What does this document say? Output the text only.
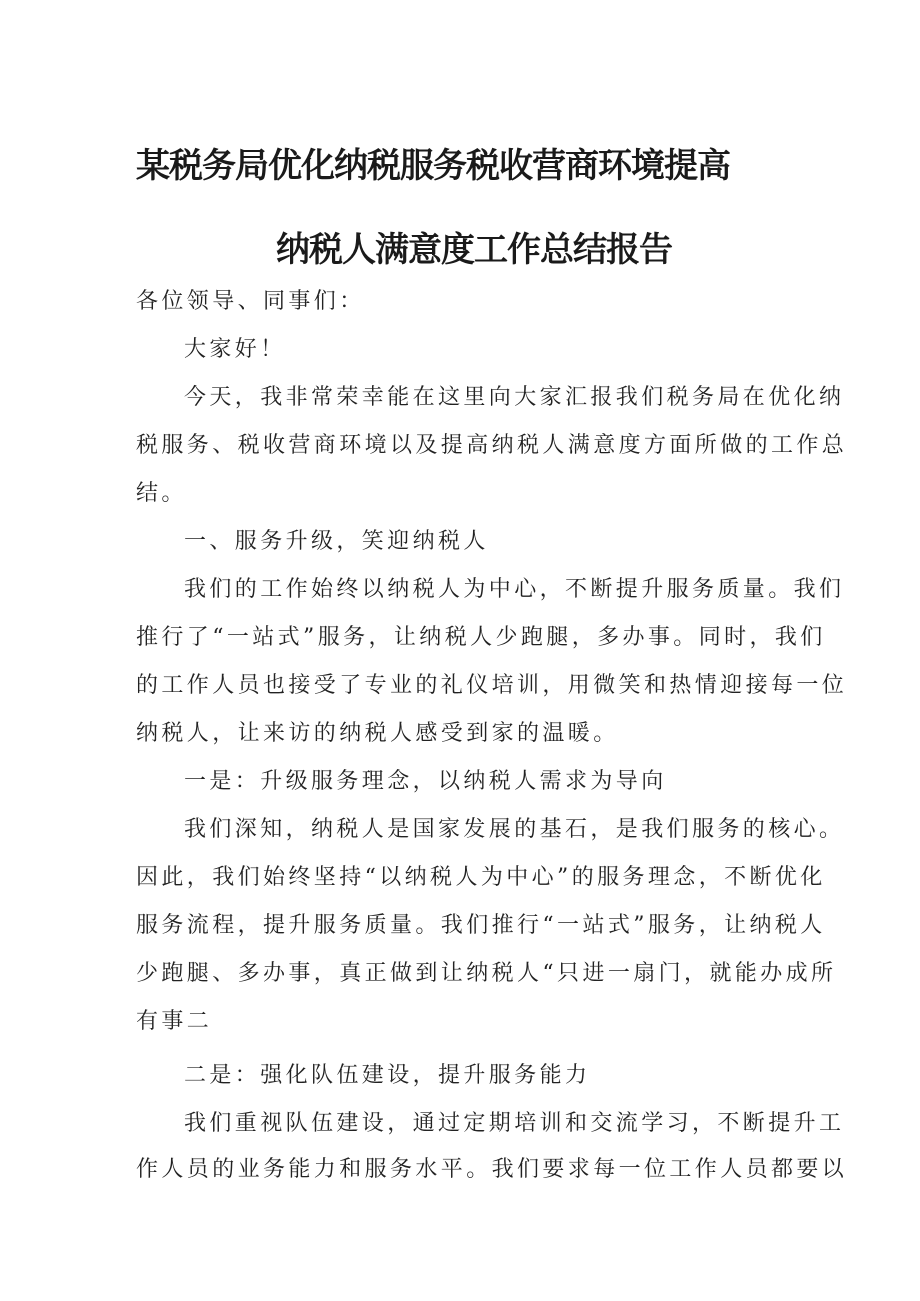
某税务局优化纳税服务税收营商环境提高
纳税人满意度工作总结报告
各位领导、同事们：
大家好！
今天，我非常荣幸能在这里向大家汇报我们税务局在优化纳
税服务、税收营商环境以及提高纳税人满意度方面所做的工作总
结。
一、服务升级，笑迎纳税人
我们的工作始终以纳税人为中心，不断提升服务质量。我们
推行了“一站式”服务，让纳税人少跑腿，多办事。同时，我们
的工作人员也接受了专业的礼仪培训，用微笑和热情迎接每一位
纳税人，让来访的纳税人感受到家的温暖。
一是：升级服务理念，以纳税人需求为导向
我们深知，纳税人是国家发展的基石，是我们服务的核心。
因此，我们始终坚持“以纳税人为中心”的服务理念，不断优化
服务流程，提升服务质量。我们推行“一站式”服务，让纳税人
少跑腿、多办事，真正做到让纳税人“只进一扇门，就能办成所
有事二
二是：强化队伍建设，提升服务能力
我们重视队伍建设，通过定期培训和交流学习，不断提升工
作人员的业务能力和服务水平。我们要求每一位工作人员都要以
